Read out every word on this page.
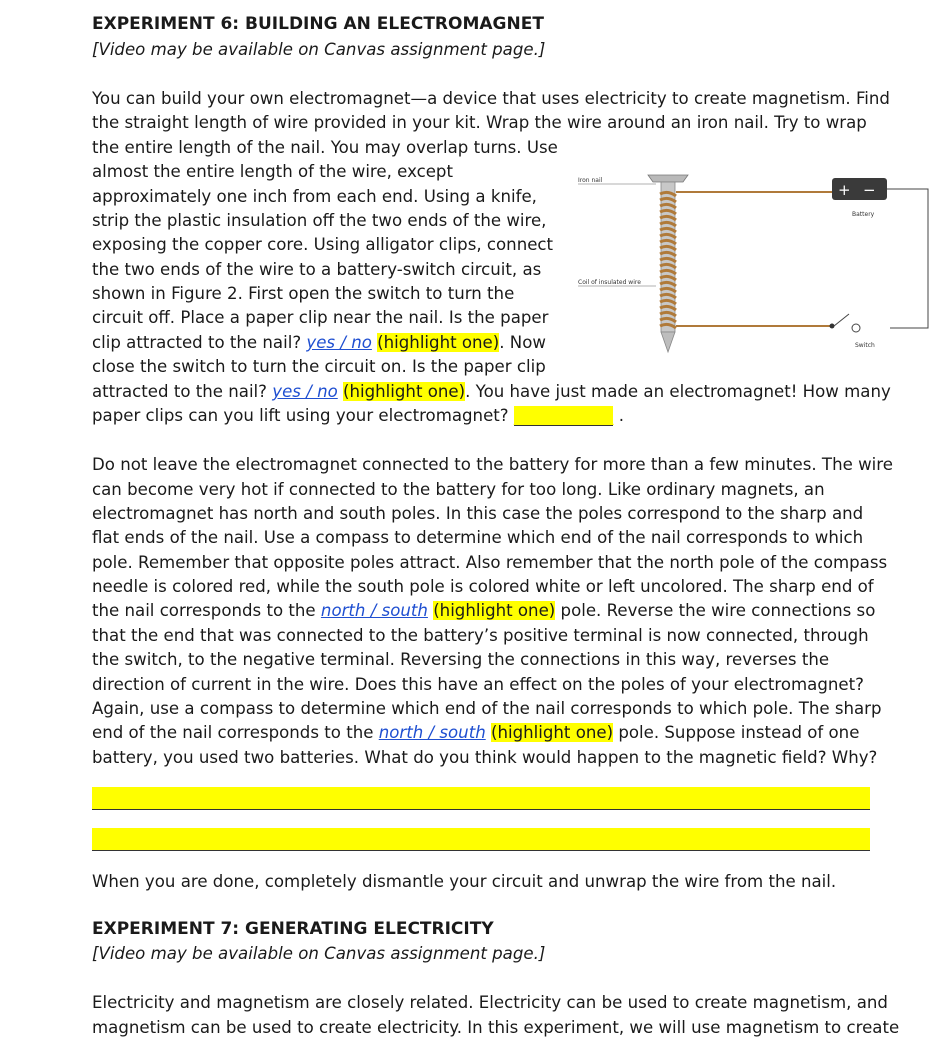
EXPERIMENT 6: BUILDING AN ELECTROMAGNET
[Video may be available on Canvas assignment page.]
You can build your own electromagnet—a device that uses electricity to create magnetism. Find
the straight length of wire provided in your kit. Wrap the wire around an iron nail. Try to wrap
the entire length of the nail. You may overlap turns. Use
almost the entire length of the wire, except
approximately one inch from each end. Using a knife,
strip the plastic insulation off the two ends of the wire,
exposing the copper core. Using alligator clips, connect
the two ends of the wire to a battery-switch circuit, as
shown in Figure 2. First open the switch to turn the
circuit off. Place a paper clip near the nail. Is the paper
clip attracted to the nail? yes / no (highlight one). Now
close the switch to turn the circuit on. Is the paper clip
attracted to the nail? yes / no (highlight one). You have just made an electromagnet! How many
paper clips can you lift using your electromagnet? ____________ .
Iron nail
Coil of insulated wire
+ −
Battery
Switch
Do not leave the electromagnet connected to the battery for more than a few minutes. The wire
can become very hot if connected to the battery for too long. Like ordinary magnets, an
electromagnet has north and south poles. In this case the poles correspond to the sharp and
flat ends of the nail. Use a compass to determine which end of the nail corresponds to which
pole. Remember that opposite poles attract. Also remember that the north pole of the compass
needle is colored red, while the south pole is colored white or left uncolored. The sharp end of
the nail corresponds to the north / south (highlight one) pole. Reverse the wire connections so
that the end that was connected to the battery’s positive terminal is now connected, through
the switch, to the negative terminal. Reversing the connections in this way, reverses the
direction of current in the wire. Does this have an effect on the poles of your electromagnet?
Again, use a compass to determine which end of the nail corresponds to which pole. The sharp
end of the nail corresponds to the north / south (highlight one) pole. Suppose instead of one
battery, you used two batteries. What do you think would happen to the magnetic field? Why?
When you are done, completely dismantle your circuit and unwrap the wire from the nail.
EXPERIMENT 7: GENERATING ELECTRICITY
[Video may be available on Canvas assignment page.]
Electricity and magnetism are closely related. Electricity can be used to create magnetism, and
magnetism can be used to create electricity. In this experiment, we will use magnetism to create
